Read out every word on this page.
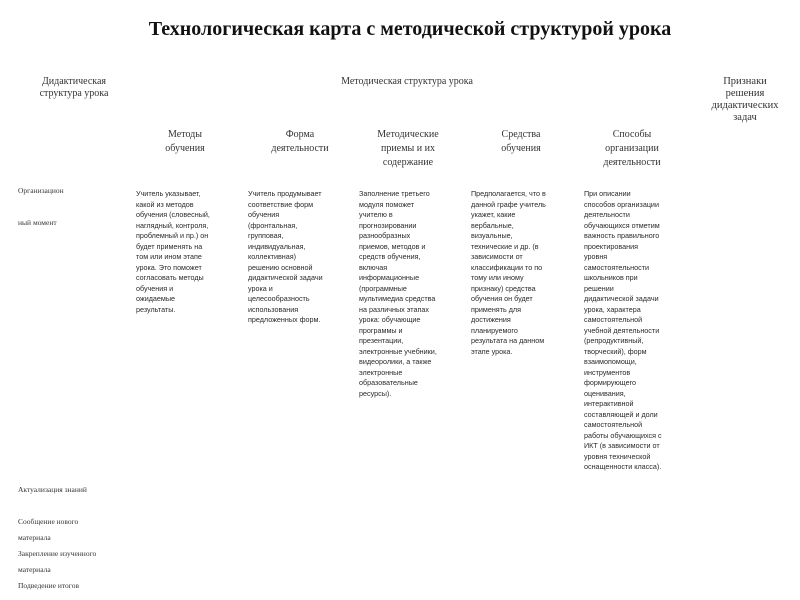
Технологическая карта с методической структурой урока
Дидактическая
структура урока
Методическая структура урока	Признаки
решения
дидактических
задач
Методы
обучения
Форма
деятельности
Методические
приемы и их
содержание
Средства
обучения
Способы
организации
деятельности
Организацион

ный момент
Актуализация знаний
Сообщение нового
материала
Закрепление изученного
материала
Подведение итогов
Учитель указывает,
какой из методов
обучения (словесный,
наглядный, контроля,
проблемный и пр.) он
будет применять на
том или ином этапе
урока. Это поможет
согласовать методы
обучения и
ожидаемые
результаты.
Учитель продумывает
соответствие форм
обучения
(фронтальная,
групповая,
индивидуальная,
коллективная)
решению основной
дидактической задачи
урока и
целесообразность
использования
предложенных форм.
Заполнение третьего
модуля поможет
учителю в
прогнозировании
разнообразных
приемов, методов и
средств обучения,
включая
информационные
(программные
мультимедиа средства
на различных этапах
урока: обучающие
программы и
презентации,
электронные учебники,
видеоролики, а также
электронные
образовательные
ресурсы).
Предполагается, что в
данной графе учитель
укажет, какие
вербальные,
визуальные,
технические и др. (в
зависимости от
классификации то по
тому или иному
признаку) средства
обучения он будет
применять для
достижения
планируемого
результата на данном
этапе урока.
При описании
способов организации
деятельности
обучающихся отметим
важность правильного
проектирования
уровня
самостоятельности
школьников при
решении
дидактической задачи
урока, характера
самостоятельной
учебной деятельности
(репродуктивный,
творческий), форм
взаимопомощи,
инструментов
формирующего
оценивания,
интерактивной
составляющей и доли
самостоятельной
работы обучающихся с
ИКТ (в зависимости от
уровня технической
оснащенности класса).
